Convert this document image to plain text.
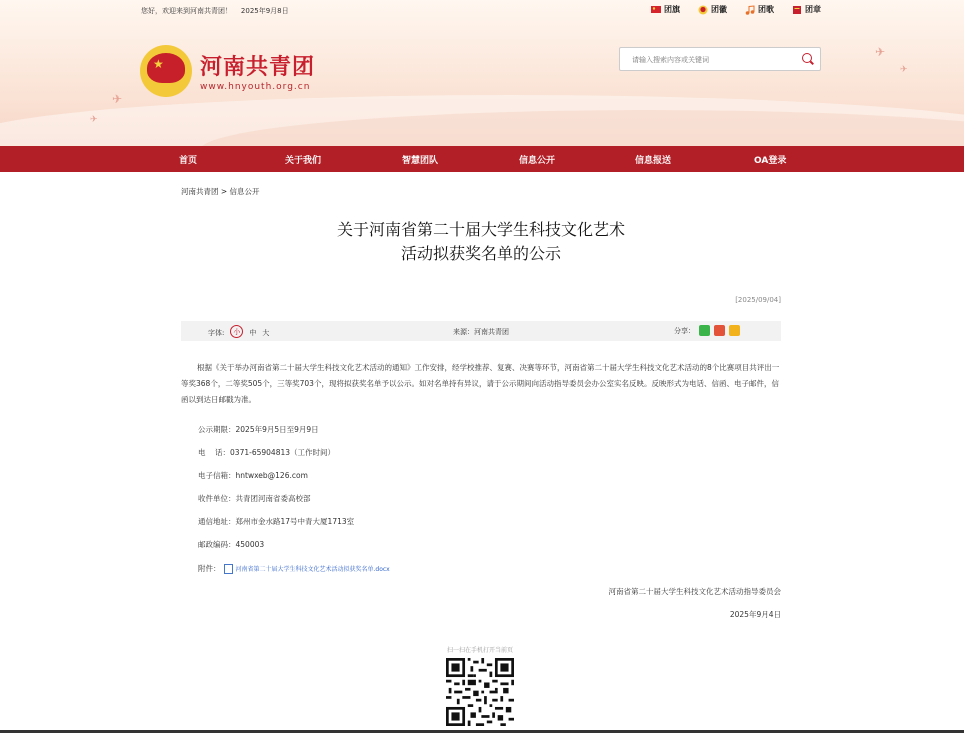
✈
✈
✈
✈
您好，欢迎来到河南共青团！ 2025年9月8日	团旗	团徽	团歌	团章
★ 河南共青团
www.hnyouth.org.cn
请输入搜索内容或关键词
首页	关于我们	智慧团队	信息公开	信息报送	OA登录
河南共青团 > 信息公开
关于河南省第二十届大学生科技文化艺术
活动拟获奖名单的公示
[2025/09/04]
字体:	小	中 大	来源：河南共青团	分享：

根据《关于举办河南省第二十届大学生科技文化艺术活动的通知》工作安排，经学校推荐、复赛、决赛等环节，河南省第二十届大学生科技文化艺术活动的8个比赛项目共评出一等奖368个，二等奖505个，三等奖703个，现将拟获奖名单予以公示。如对名单持有异议，请于公示期间向活动指导委员会办公室实名反映。反映形式为电话、信函、电子邮件，信函以到达日邮戳为准。

公示期限：2025年9月5日至9月9日
电    话：0371-65904813（工作时间）
电子信箱：hntwxeb@126.com
收件单位：共青团河南省委高校部
通信地址：郑州市金水路17号中青大厦1713室
邮政编码：450003
附件：	河南省第二十届大学生科技文化艺术活动拟获奖名单.docx
河南省第二十届大学生科技文化艺术活动指导委员会
2025年9月4日
扫一扫在手机打开当前页
